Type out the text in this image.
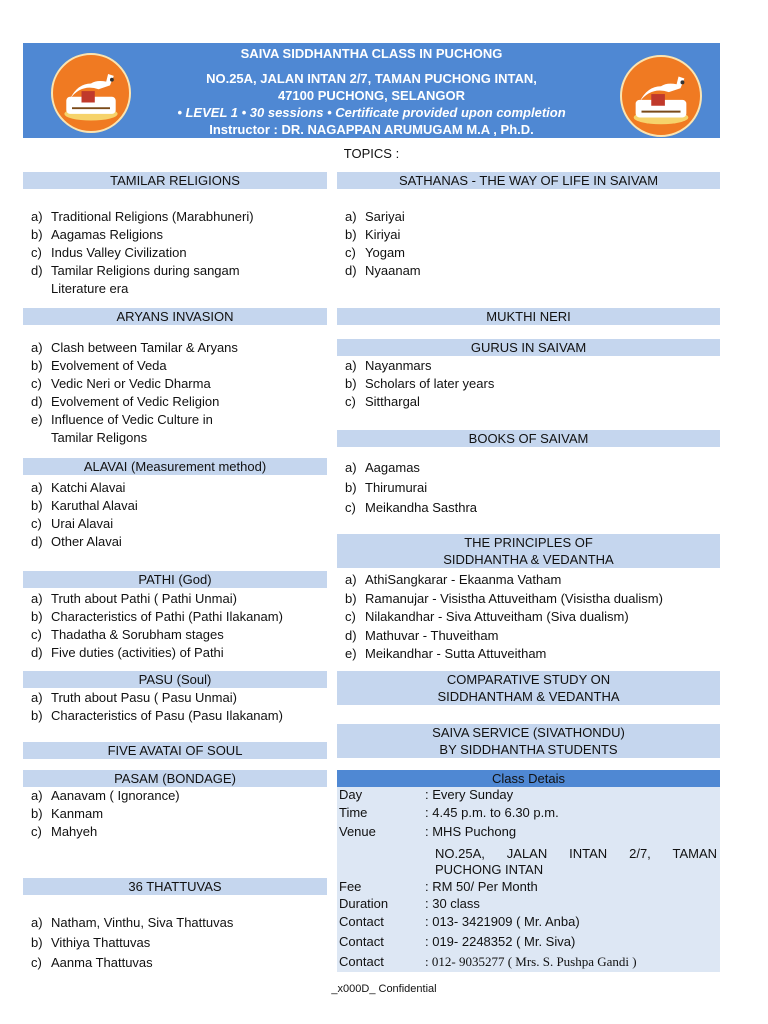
SAIVA SIDDHANTHA CLASS IN PUCHONG
NO.25A, JALAN INTAN 2/7, TAMAN PUCHONG INTAN,
47100 PUCHONG, SELANGOR
• LEVEL 1 • 30 sessions • Certificate provided upon completion
Instructor : DR. NAGAPPAN ARUMUGAM M.A , Ph.D.
TOPICS :
TAMILAR RELIGIONS
a) Traditional Religions (Marabhuneri)
b) Aagamas Religions
c) Indus Valley Civilization
d) Tamilar Religions during sangam
Literature era
ARYANS INVASION
a) Clash between Tamilar & Aryans
b) Evolvement of Veda
c) Vedic Neri or Vedic Dharma
d) Evolvement of Vedic Religion
e) Influence of Vedic Culture in
Tamilar Religons
ALAVAI (Measurement method)
a) Katchi Alavai
b) Karuthal Alavai
c) Urai Alavai
d) Other Alavai
PATHI (God)
a) Truth about Pathi ( Pathi Unmai)
b) Characteristics of Pathi (Pathi Ilakanam)
c) Thadatha & Sorubham stages
d) Five duties (activities) of Pathi
PASU (Soul)
a) Truth about Pasu ( Pasu Unmai)
b) Characteristics of Pasu (Pasu Ilakanam)
FIVE AVATAI OF SOUL
PASAM (BONDAGE)
a) Aanavam ( Ignorance)
b) Kanmam
c) Mahyeh
36 THATTUVAS
a) Natham, Vinthu, Siva Thattuvas
b) Vithiya Thattuvas
c) Aanma Thattuvas
SATHANAS - THE WAY OF LIFE IN SAIVAM
a) Sariyai
b) Kiriyai
c) Yogam
d) Nyaanam
MUKTHI NERI
GURUS IN SAIVAM
a) Nayanmars
b) Scholars of later years
c) Sitthargal
BOOKS OF SAIVAM
a) Aagamas
b) Thirumurai
c) Meikandha Sasthra
THE PRINCIPLES OF
SIDDHANTHA & VEDANTHA
a) AthiSangkarar - Ekaanma Vatham
b) Ramanujar - Visistha Attuveitham (Visistha dualism)
c) Nilakandhar - Siva Attuveitham (Siva dualism)
d) Mathuvar - Thuveitham
e) Meikandhar - Sutta Attuveitham
COMPARATIVE STUDY ON
SIDDHANTHAM & VEDANTHA
SAIVA SERVICE (SIVATHONDU)
BY SIDDHANTHA STUDENTS
Class Detais
Day	: Every Sunday
Time	: 4.45 p.m. to 6.30 p.m.
Venue	: MHS Puchong
NO.25A, JALAN INTAN 2/7, TAMAN
PUCHONG INTAN
Fee	: RM 50/ Per Month
Duration	: 30 class
Contact	: 013- 3421909 ( Mr. Anba)
Contact	: 019- 2248352 ( Mr. Siva)
Contact	: 012- 9035277 ( Mrs. S. Pushpa Gandi )
_x000D_ Confidential
